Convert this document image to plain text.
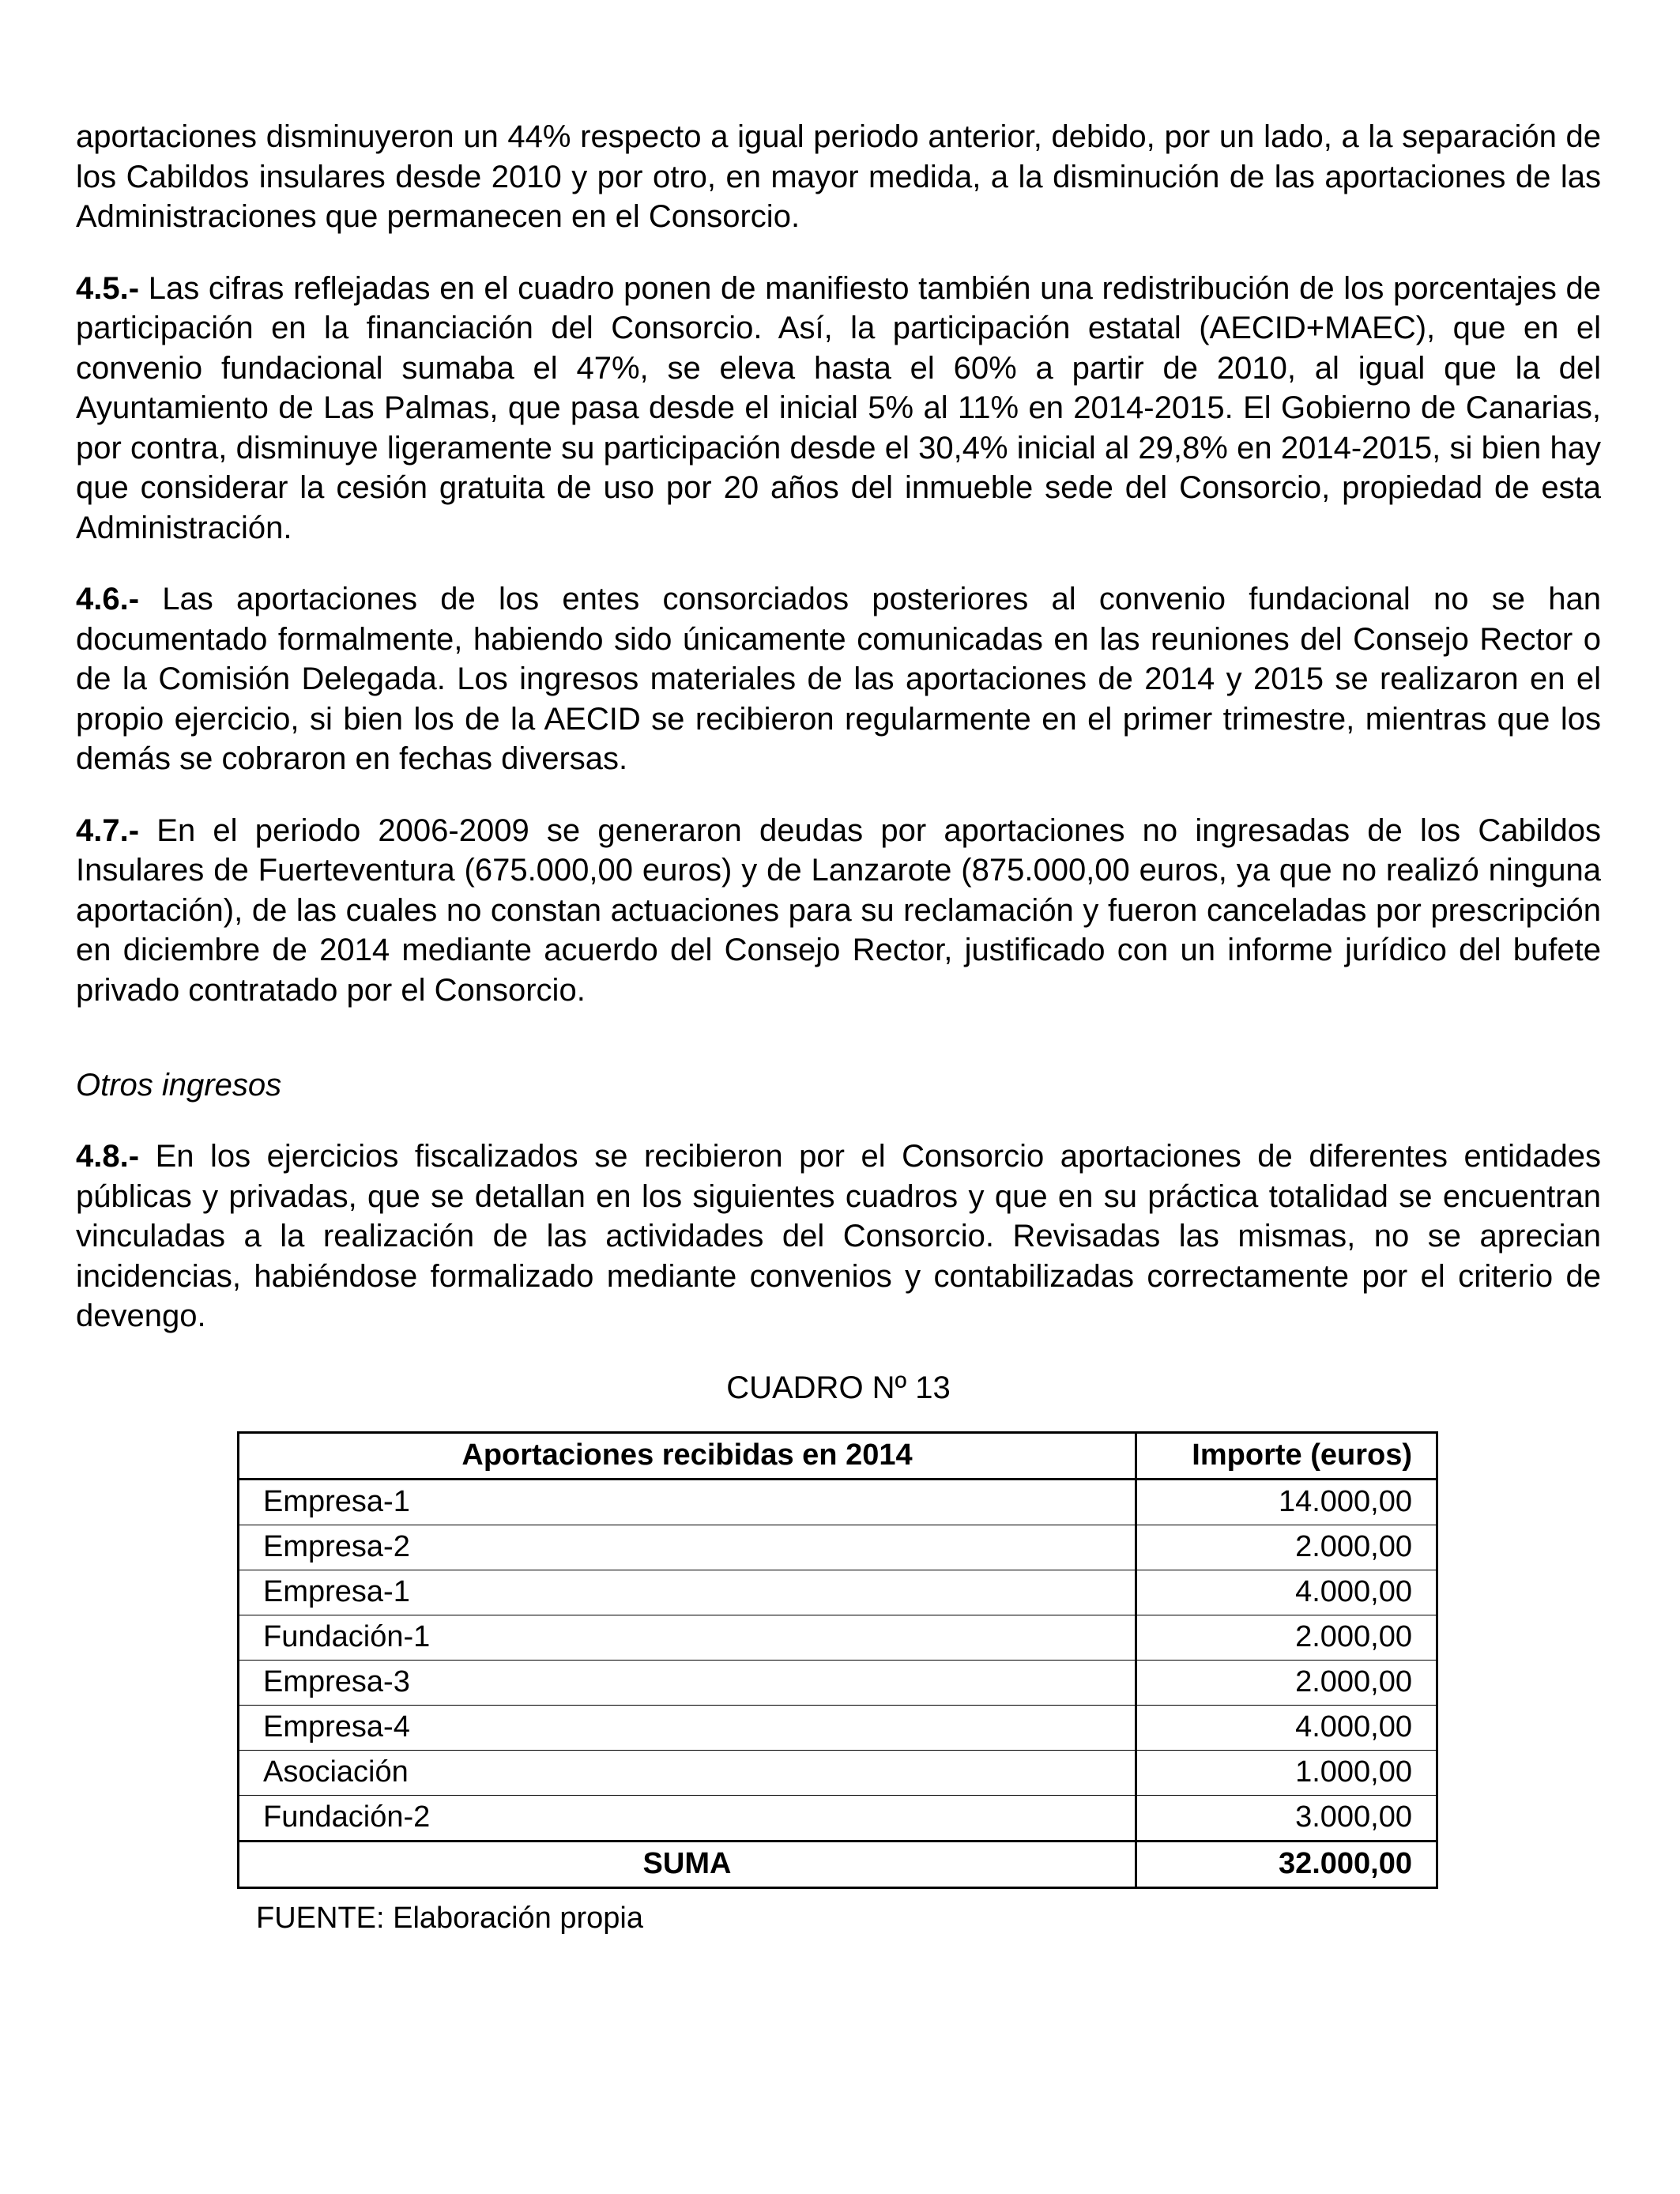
aportaciones disminuyeron un 44% respecto a igual periodo anterior, debido, por un lado, a la separación de los Cabildos insulares desde 2010 y por otro, en mayor medida, a la disminución de las aportaciones de las Administraciones que permanecen en el Consorcio.

4.5.- Las cifras reflejadas en el cuadro ponen de manifiesto también una redistribución de los porcentajes de participación en la financiación del Consorcio. Así, la participación estatal (AECID+MAEC), que en el convenio fundacional sumaba el 47%, se eleva hasta el 60% a partir de 2010, al igual que la del Ayuntamiento de Las Palmas, que pasa desde el inicial 5% al 11% en 2014-2015. El Gobierno de Canarias, por contra, disminuye ligeramente su participación desde el 30,4% inicial al 29,8% en 2014-2015, si bien hay que considerar la cesión gratuita de uso por 20 años del inmueble sede del Consorcio, propiedad de esta Administración.

4.6.- Las aportaciones de los entes consorciados posteriores al convenio fundacional no se han documentado formalmente, habiendo sido únicamente comunicadas en las reuniones del Consejo Rector o de la Comisión Delegada. Los ingresos materiales de las aportaciones de 2014 y 2015 se realizaron en el propio ejercicio, si bien los de la AECID se recibieron regularmente en el primer trimestre, mientras que los demás se cobraron en fechas diversas.

4.7.- En el periodo 2006-2009 se generaron deudas por aportaciones no ingresadas de los Cabildos Insulares de Fuerteventura (675.000,00 euros) y de Lanzarote (875.000,00 euros, ya que no realizó ninguna aportación), de las cuales no constan actuaciones para su reclamación y fueron canceladas por prescripción en diciembre de 2014 mediante acuerdo del Consejo Rector, justificado con un informe jurídico del bufete privado contratado por el Consorcio.

Otros ingresos

4.8.- En los ejercicios fiscalizados se recibieron por el Consorcio aportaciones de diferentes entidades públicas y privadas, que se detallan en los siguientes cuadros y que en su práctica totalidad se encuentran vinculadas a la realización de las actividades del Consorcio. Revisadas las mismas, no se aprecian incidencias, habiéndose formalizado mediante convenios y contabilizadas correctamente por el criterio de devengo.

CUADRO Nº 13
Aportaciones recibidas en 2014	Importe (euros)
Empresa-1	14.000,00
Empresa-2	2.000,00
Empresa-1	4.000,00
Fundación-1	2.000,00
Empresa-3	2.000,00
Empresa-4	4.000,00
Asociación	1.000,00
Fundación-2	3.000,00
SUMA	32.000,00
FUENTE: Elaboración propia
